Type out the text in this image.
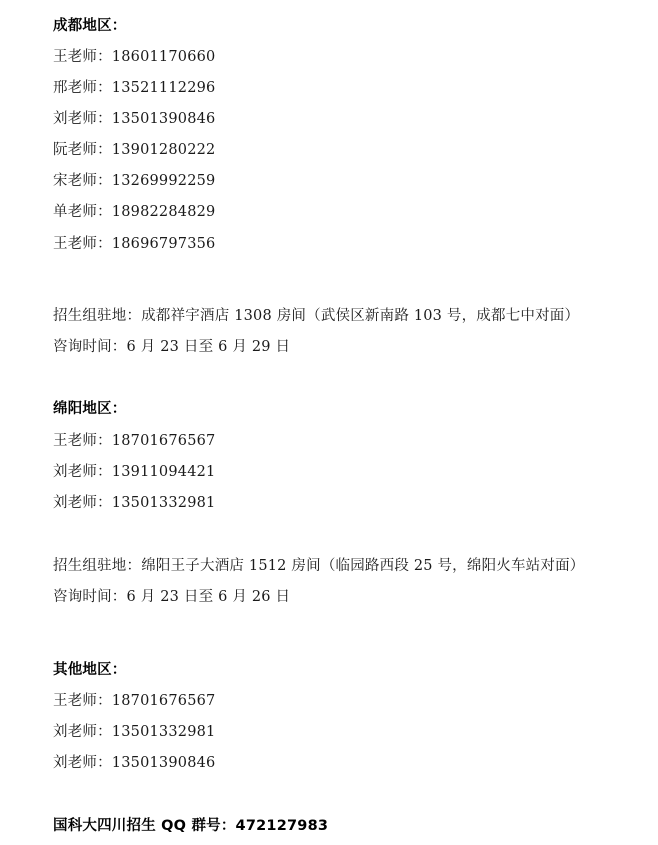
成都地区：
王老师：18601170660
邢老师：13521112296
刘老师：13501390846
阮老师：13901280222
宋老师：13269992259
单老师：18982284829
王老师：18696797356
招生组驻地：成都祥宇酒店 1308 房间（武侯区新南路 103 号，成都七中对面）
咨询时间：6 月 23 日至 6 月 29 日
绵阳地区：
王老师：18701676567
刘老师：13911094421
刘老师：13501332981
招生组驻地：绵阳王子大酒店 1512 房间（临园路西段 25 号，绵阳火车站对面）
咨询时间：6 月 23 日至 6 月 26 日
其他地区：
王老师：18701676567
刘老师：13501332981
刘老师：13501390846
国科大四川招生 QQ 群号：472127983
